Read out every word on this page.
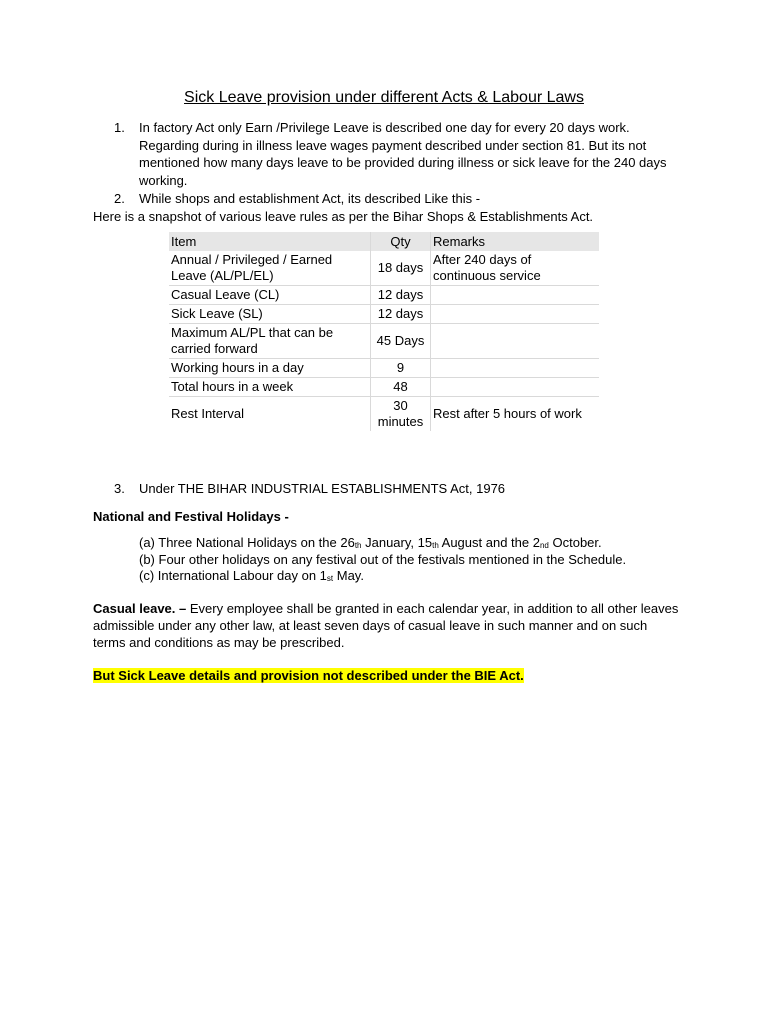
Sick Leave provision under different Acts & Labour Laws
1.	In factory Act only Earn /Privilege Leave is described one day for every 20 days work.
Regarding during in illness leave wages payment described under section 81. But its not
mentioned how many days leave to be provided during illness or sick leave for the 240 days
working.
2.	While shops and establishment Act, its described Like this -
Here is a snapshot of various leave rules as per the Bihar Shops & Establishments Act.
Item	Qty	Remarks
Annual / Privileged / Earned Leave (AL/PL/EL)	18 days	After 240 days of continuous service
Casual Leave (CL)	12 days	
Sick Leave (SL)	12 days	
Maximum AL/PL that can be carried forward	45 Days	
Working hours in a day	9	
Total hours in a week	48	
Rest Interval	30 minutes	Rest after 5 hours of work
3.	Under THE BIHAR INDUSTRIAL ESTABLISHMENTS Act, 1976
National and Festival Holidays -
(a) Three National Holidays on the 26th January, 15th August and the 2nd October.
(b) Four other holidays on any festival out of the festivals mentioned in the Schedule.
(c) International Labour day on 1st May.
Casual leave. – Every employee shall be granted in each calendar year, in addition to all other leaves
admissible under any other law, at least seven days of casual leave in such manner and on such
terms and conditions as may be prescribed.
But Sick Leave details and provision not described under the BIE Act.
